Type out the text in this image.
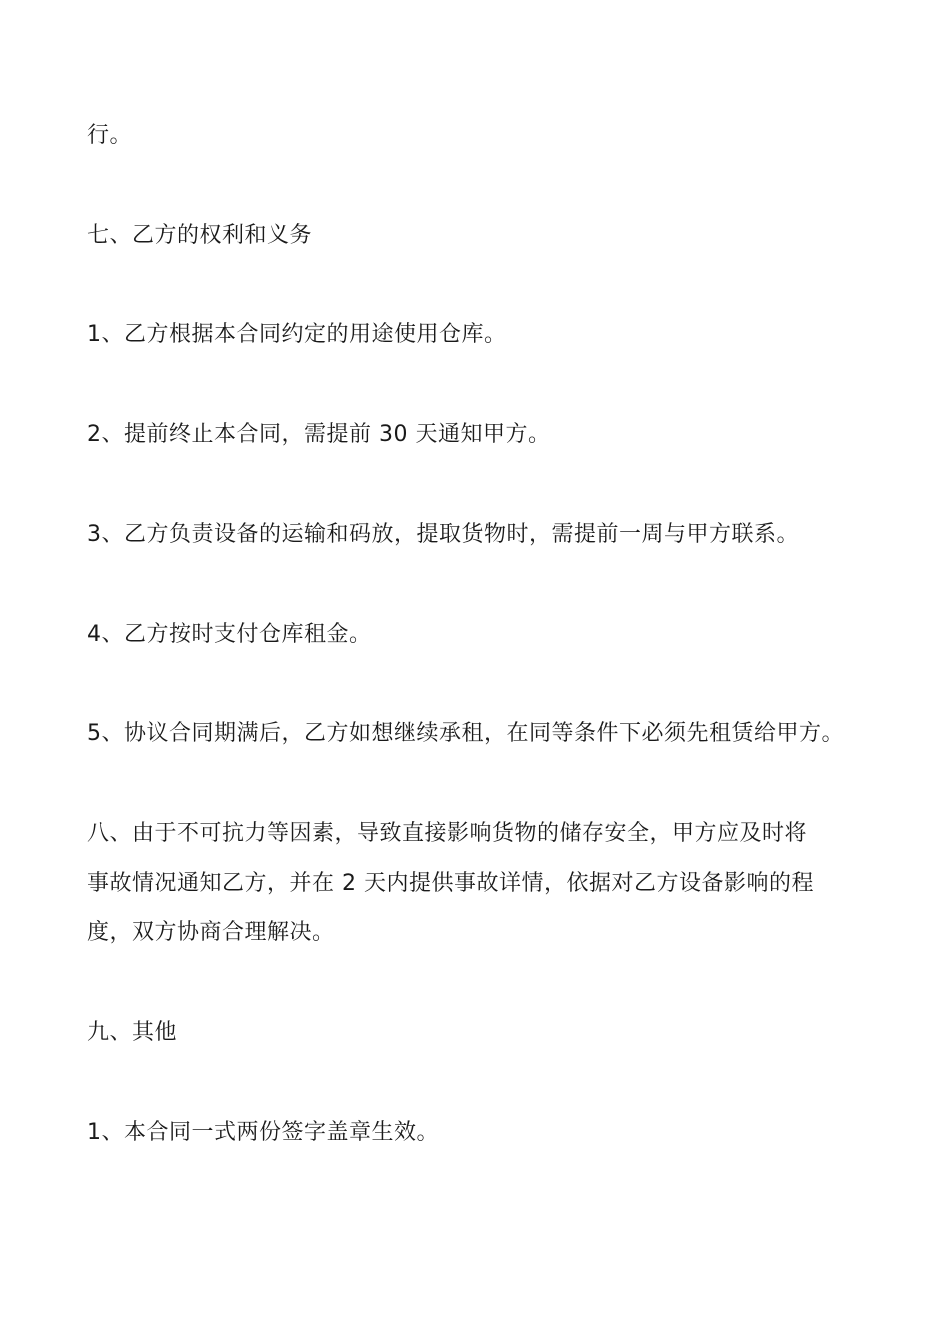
行。
七、乙方的权利和义务
1、乙方根据本合同约定的用途使用仓库。
2、提前终止本合同，需提前 30 天通知甲方。
3、乙方负责设备的运输和码放，提取货物时，需提前一周与甲方联系。
4、乙方按时支付仓库租金。
5、协议合同期满后，乙方如想继续承租，在同等条件下必须先租赁给甲方。
八、由于不可抗力等因素，导致直接影响货物的储存安全，甲方应及时将
事故情况通知乙方，并在 2 天内提供事故详情，依据对乙方设备影响的程
度，双方协商合理解决。
九、其他
1、本合同一式两份签字盖章生效。
